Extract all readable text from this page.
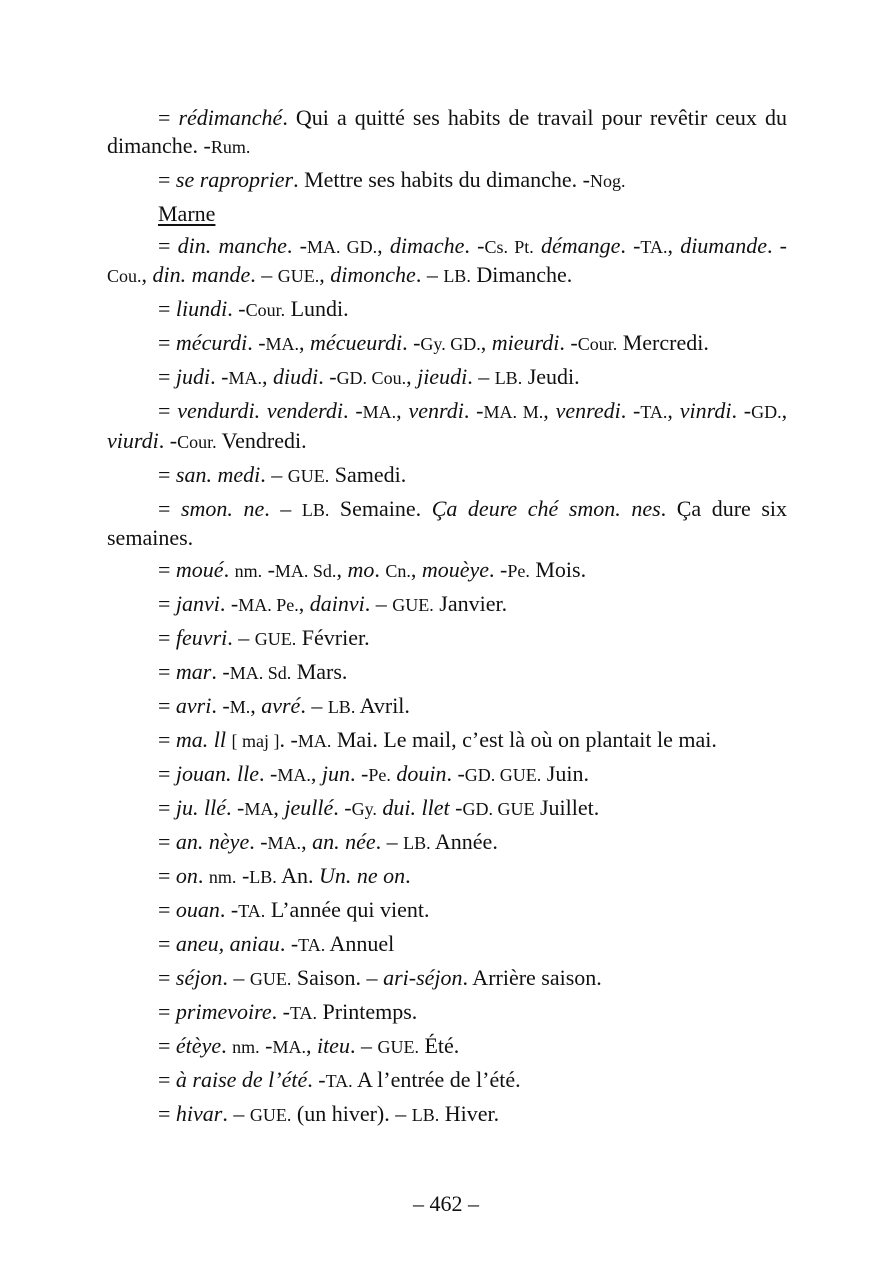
= rédimanché. Qui a quitté ses habits de travail pour revêtir ceux du dimanche. -Rum.

= se raproprier. Mettre ses habits du dimanche. -Nog.

Marne

= din. manche. -MA. GD., dimache. -Cs. Pt. démange. -TA., diumande. -Cou., din. mande. – GUE., dimonche. – LB. Dimanche.

= liundi. -Cour. Lundi.

= mécurdi. -MA., mécueurdi. -Gy. GD., mieurdi. -Cour. Mercredi.

= judi. -MA., diudi. -GD. Cou., jieudi. – LB. Jeudi.

= vendurdi. venderdi. -MA., venrdi. -MA. M., venredi. -TA., vinrdi. -GD., viurdi. -Cour. Vendredi.

= san. medi. – GUE. Samedi.

= smon. ne. – LB. Semaine. Ça deure ché smon. nes. Ça dure six semaines.

= moué. nm. -MA. Sd., mo. Cn., mouèye. -Pe. Mois.

= janvi. -MA. Pe., dainvi. – GUE. Janvier.

= feuvri. – GUE. Février.

= mar. -MA. Sd. Mars.

= avri. -M., avré. – LB. Avril.

= ma. ll [ maj ]. -MA. Mai. Le mail, c’est là où on plantait le mai.

= jouan. lle. -MA., jun. -Pe. douin. -GD. GUE. Juin.

= ju. llé. -MA, jeullé. -Gy. dui. llet -GD. GUE Juillet.

= an. nèye. -MA., an. née. – LB. Année.

= on. nm. -LB. An. Un. ne on.

= ouan. -TA. L’année qui vient.

= aneu, aniau. -TA. Annuel

= séjon. – GUE. Saison. – ari-séjon. Arrière saison.

= primevoire. -TA. Printemps.

= étèye. nm. -MA., iteu. – GUE. Été.

= à raise de l’été. -TA. A l’entrée de l’été.

= hivar. – GUE. (un hiver). – LB. Hiver.

– 462 –
